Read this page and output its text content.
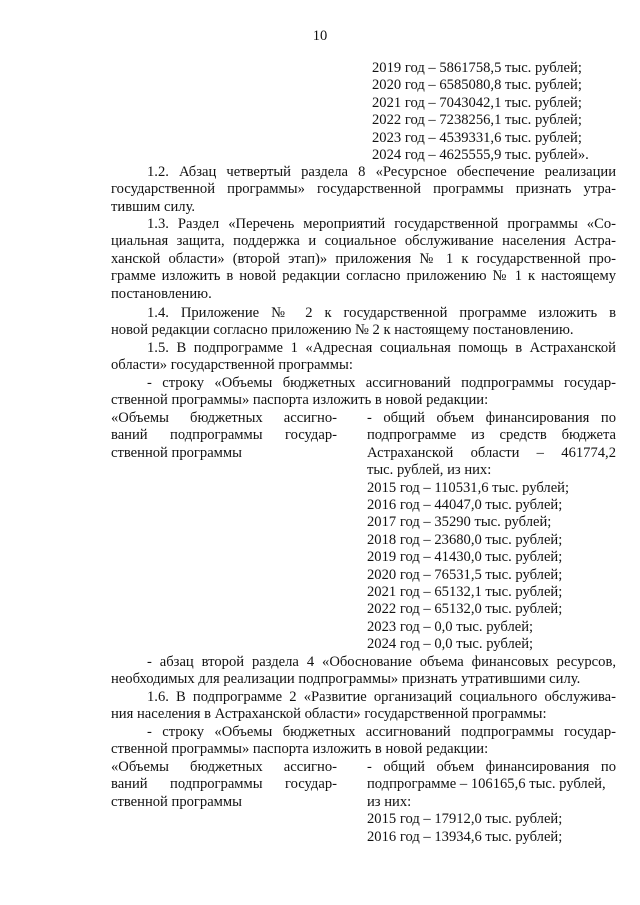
10
2019 год – 5861758,5 тыс. рублей;
2020 год – 6585080,8 тыс. рублей;
2021 год – 7043042,1 тыс. рублей;
2022 год – 7238256,1 тыс. рублей;
2023 год – 4539331,6 тыс. рублей;
2024 год – 4625555,9 тыс. рублей».
1.2. Абзац четвертый раздела 8 «Ресурсное обеспечение реализации
государственной программы» государственной программы признать утра-
тившим силу.
1.3. Раздел «Перечень мероприятий государственной программы «Со-
циальная защита, поддержка и социальное обслуживание населения Астра-
ханской области» (второй этап)» приложения № 1 к государственной про-
грамме изложить в новой редакции согласно приложению № 1 к настоящему
постановлению.
1.4. Приложение № 2 к государственной программе изложить в
новой редакции согласно приложению № 2 к настоящему постановлению.
1.5. В подпрограмме 1 «Адресная социальная помощь в Астраханской
области» государственной программы:
- строку «Объемы бюджетных ассигнований подпрограммы государ-
ственной программы» паспорта изложить в новой редакции:
«Объемы бюджетных ассигно-
ваний подпрограммы государ-
ственной программы
- общий объем финансирования по
подпрограмме из средств бюджета
Астраханской области – 461774,2
тыс. рублей, из них:
2015 год – 110531,6 тыс. рублей;
2016 год – 44047,0 тыс. рублей;
2017 год – 35290 тыс. рублей;
2018 год – 23680,0 тыс. рублей;
2019 год – 41430,0 тыс. рублей;
2020 год – 76531,5 тыс. рублей;
2021 год – 65132,1 тыс. рублей;
2022 год – 65132,0 тыс. рублей;
2023 год – 0,0 тыс. рублей;
2024 год – 0,0 тыс. рублей;
- абзац второй раздела 4 «Обоснование объема финансовых ресурсов,
необходимых для реализации подпрограммы» признать утратившими силу.
1.6. В подпрограмме 2 «Развитие организаций социального обслужива-
ния населения в Астраханской области» государственной программы:
- строку «Объемы бюджетных ассигнований подпрограммы государ-
ственной программы» паспорта изложить в новой редакции:
«Объемы бюджетных ассигно-
ваний подпрограммы государ-
ственной программы
- общий объем финансирования по
подпрограмме – 106165,6 тыс. рублей,
из них:
2015 год – 17912,0 тыс. рублей;
2016 год – 13934,6 тыс. рублей;
